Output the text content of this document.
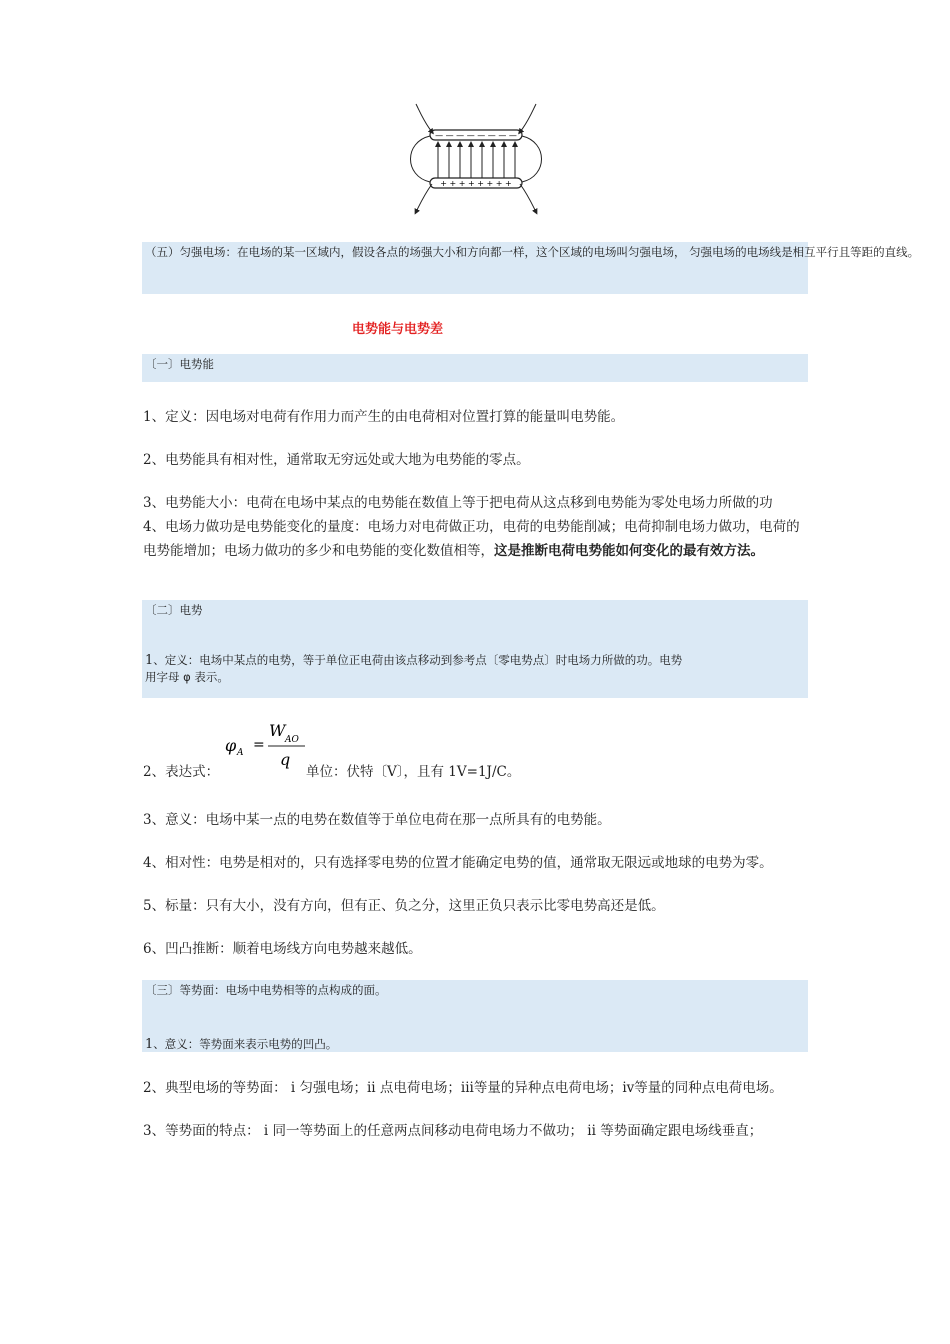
— — — — — — — —
+ + + + + + + +
（五）匀强电场：在电场的某一区域内，假设各点的场强大小和方向都一样，这个区域的电场叫匀强电场， 匀强电场的电场线是相互平行且等距的直线。
电势能与电势差
〔一〕电势能
1、定义：因电场对电荷有作用力而产生的由电荷相对位置打算的能量叫电势能。
2、电势能具有相对性，通常取无穷远处或大地为电势能的零点。
3、电势能大小：电荷在电场中某点的电势能在数值上等于把电荷从这点移到电势能为零处电场力所做的功
4、电场力做功是电势能变化的量度：电场力对电荷做正功，电荷的电势能削减；电荷抑制电场力做功，电荷的电势能增加；电场力做功的多少和电势能的变化数值相等，这是推断电荷电势能如何变化的最有效方法。
〔二〕电势
1、定义：电场中某点的电势，等于单位正电荷由该点移动到参考点〔零电势点〕时电场力所做的功。电势
用字母 φ 表示。
2、表达式：
φ A =
W AO
q
单位：伏特〔V〕，且有 1V=1J/C。
3、意义：电场中某一点的电势在数值等于单位电荷在那一点所具有的电势能。
4、相对性：电势是相对的，只有选择零电势的位置才能确定电势的值，通常取无限远或地球的电势为零。
5、标量：只有大小，没有方向，但有正、负之分，这里正负只表示比零电势高还是低。
6、凹凸推断：顺着电场线方向电势越来越低。
〔三〕等势面：电场中电势相等的点构成的面。
1、意义：等势面来表示电势的凹凸。
2、典型电场的等势面： i 匀强电场；ii 点电荷电场；iii等量的异种点电荷电场；iv等量的同种点电荷电场。
3、等势面的特点： i 同一等势面上的任意两点间移动电荷电场力不做功； ii 等势面确定跟电场线垂直；
